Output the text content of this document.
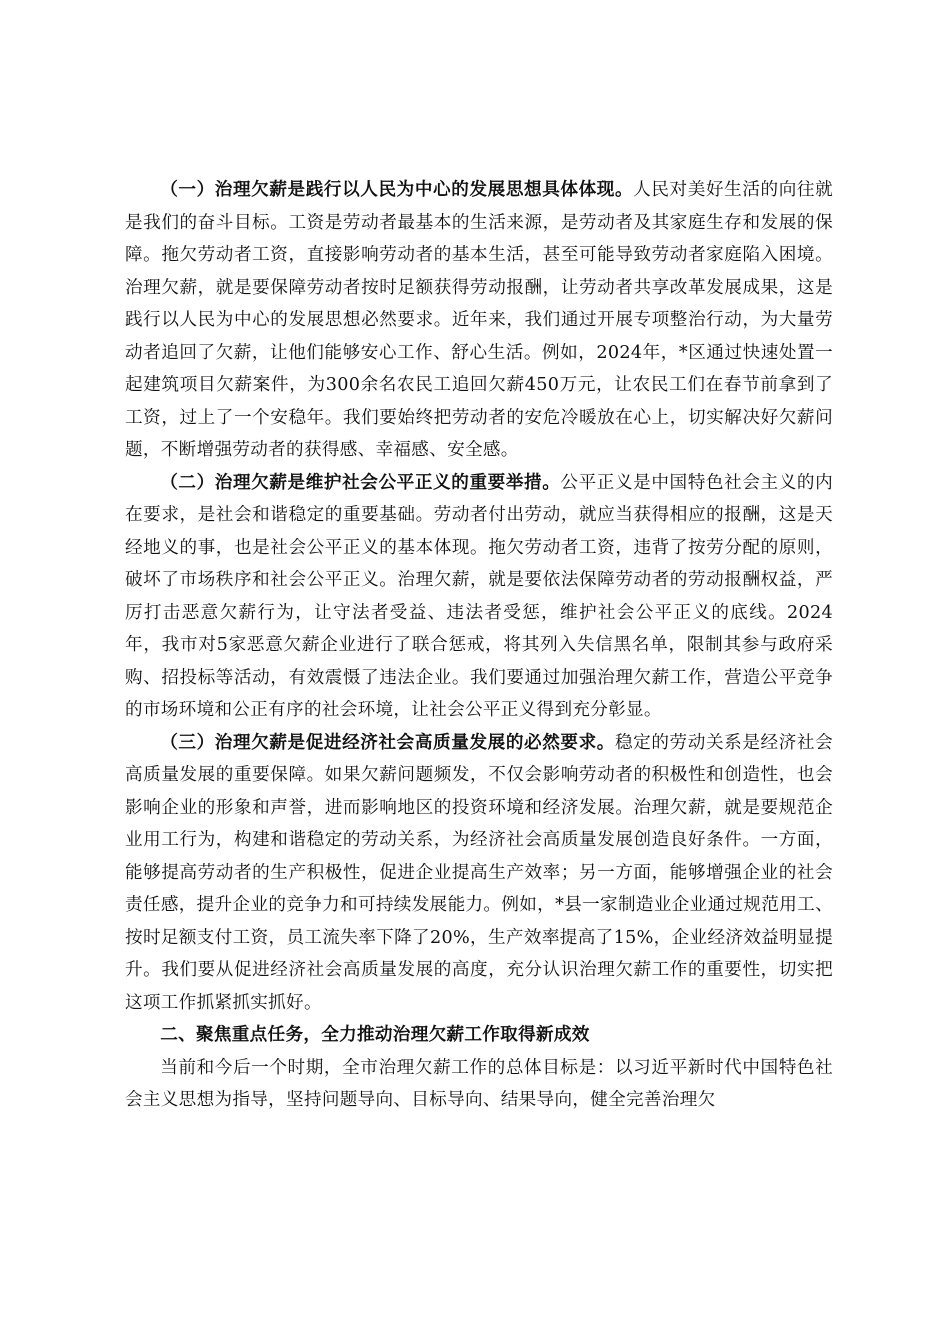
（一）治理欠薪是践行以人民为中心的发展思想具体体现。人民对美好生活的向往就是我们的奋斗目标。工资是劳动者最基本的生活来源，是劳动者及其家庭生存和发展的保障。拖欠劳动者工资，直接影响劳动者的基本生活，甚至可能导致劳动者家庭陷入困境。治理欠薪，就是要保障劳动者按时足额获得劳动报酬，让劳动者共享改革发展成果，这是践行以人民为中心的发展思想必然要求。近年来，我们通过开展专项整治行动，为大量劳动者追回了欠薪，让他们能够安心工作、舒心生活。例如，2024年，*区通过快速处置一起建筑项目欠薪案件，为300余名农民工追回欠薪450万元，让农民工们在春节前拿到了工资，过上了一个安稳年。我们要始终把劳动者的安危冷暖放在心上，切实解决好欠薪问题，不断增强劳动者的获得感、幸福感、安全感。

（二）治理欠薪是维护社会公平正义的重要举措。公平正义是中国特色社会主义的内在要求，是社会和谐稳定的重要基础。劳动者付出劳动，就应当获得相应的报酬，这是天经地义的事，也是社会公平正义的基本体现。拖欠劳动者工资，违背了按劳分配的原则，破坏了市场秩序和社会公平正义。治理欠薪，就是要依法保障劳动者的劳动报酬权益，严厉打击恶意欠薪行为，让守法者受益、违法者受惩，维护社会公平正义的底线。2024年，我市对5家恶意欠薪企业进行了联合惩戒，将其列入失信黑名单，限制其参与政府采购、招投标等活动，有效震慑了违法企业。我们要通过加强治理欠薪工作，营造公平竞争的市场环境和公正有序的社会环境，让社会公平正义得到充分彰显。

（三）治理欠薪是促进经济社会高质量发展的必然要求。稳定的劳动关系是经济社会高质量发展的重要保障。如果欠薪问题频发，不仅会影响劳动者的积极性和创造性，也会影响企业的形象和声誉，进而影响地区的投资环境和经济发展。治理欠薪，就是要规范企业用工行为，构建和谐稳定的劳动关系，为经济社会高质量发展创造良好条件。一方面，能够提高劳动者的生产积极性，促进企业提高生产效率；另一方面，能够增强企业的社会责任感，提升企业的竞争力和可持续发展能力。例如，*县一家制造业企业通过规范用工、按时足额支付工资，员工流失率下降了20%，生产效率提高了15%，企业经济效益明显提升。我们要从促进经济社会高质量发展的高度，充分认识治理欠薪工作的重要性，切实把这项工作抓紧抓实抓好。

二、聚焦重点任务，全力推动治理欠薪工作取得新成效

当前和今后一个时期，全市治理欠薪工作的总体目标是：以习近平新时代中国特色社会主义思想为指导，坚持问题导向、目标导向、结果导向，健全完善治理欠
